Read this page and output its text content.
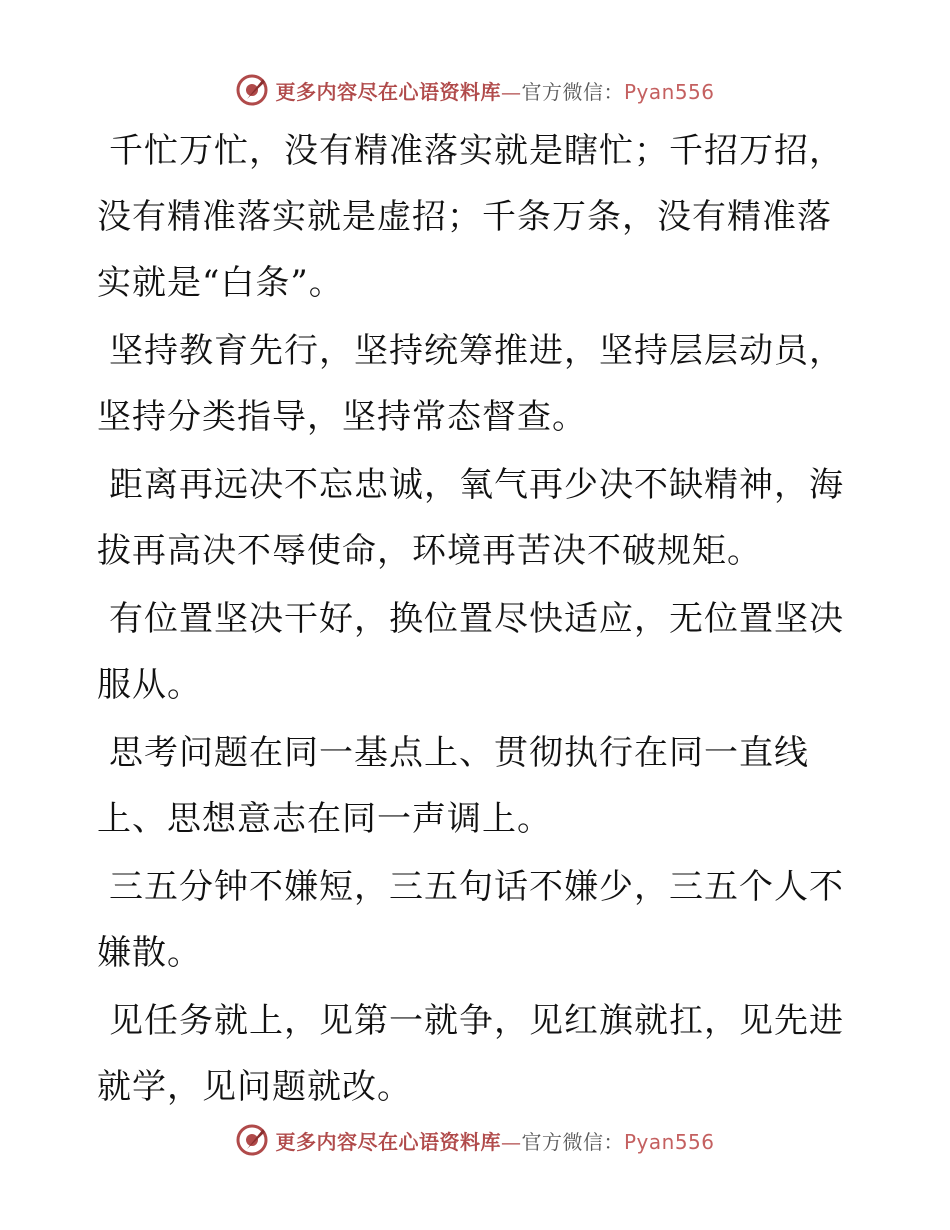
更多内容尽在心语资料库—官方微信：Pyan556

千忙万忙，没有精准落实就是瞎忙；千招万招，没有精准落实就是虚招；千条万条，没有精准落实就是“白条”。

坚持教育先行，坚持统筹推进，坚持层层动员，坚持分类指导，坚持常态督查。

距离再远决不忘忠诚，氧气再少决不缺精神，海拔再高决不辱使命，环境再苦决不破规矩。

有位置坚决干好，换位置尽快适应，无位置坚决服从。

思考问题在同一基点上、贯彻执行在同一直线上、思想意志在同一声调上。

三五分钟不嫌短，三五句话不嫌少，三五个人不嫌散。

见任务就上，见第一就争，见红旗就扛，见先进就学，见问题就改。

更多内容尽在心语资料库—官方微信：Pyan556
